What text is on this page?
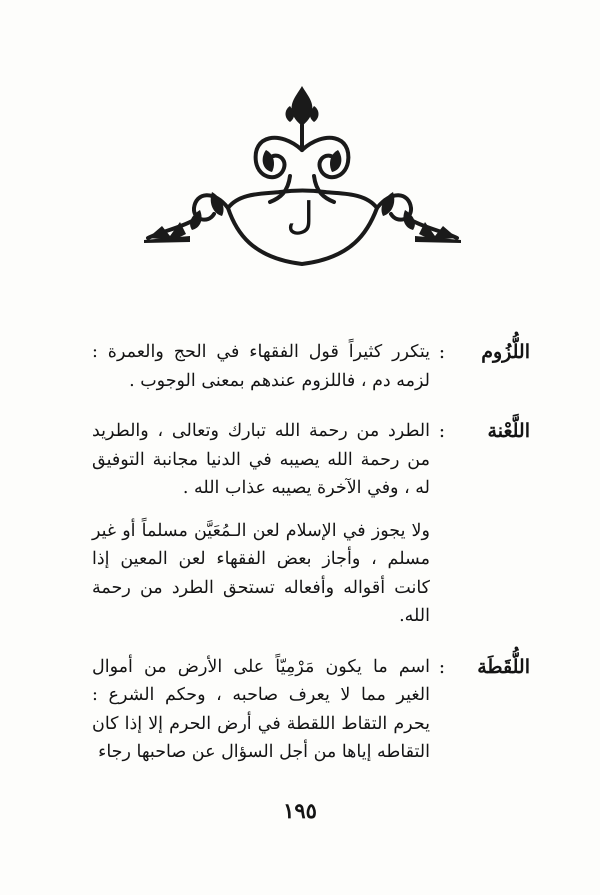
ل
اللُّزُوم
:

يتكرر كثيراً قول الفقهاء في الحج والعمرة : لزمه دم ، فاللزوم عندهم بمعنى الوجوب .

اللَّعْنة
:

الطرد من رحمة الله تبارك وتعالى ، والطريد من رحمة الله يصيبه في الدنيا مجانبة التوفيق له ، وفي الآخرة يصيبه عذاب الله .

ولا يجوز في الإسلام لعن الـمُعَيَّن مسلماً أو غير مسلم ، وأجاز بعض الفقهاء لعن المعين إذا كانت أقواله وأفعاله تستحق الطرد من رحمة الله.

اللُّقَطَة
:

اسم ما يكون مَرْمِيّاً على الأرض من أموال الغير مما لا يعرف صاحبه ، وحكم الشرع : يحرم التقاط اللقطة في أرض الحرم إلا إذا كان التقاطه إياها من أجل السؤال عن صاحبها رجاء

١٩٥
